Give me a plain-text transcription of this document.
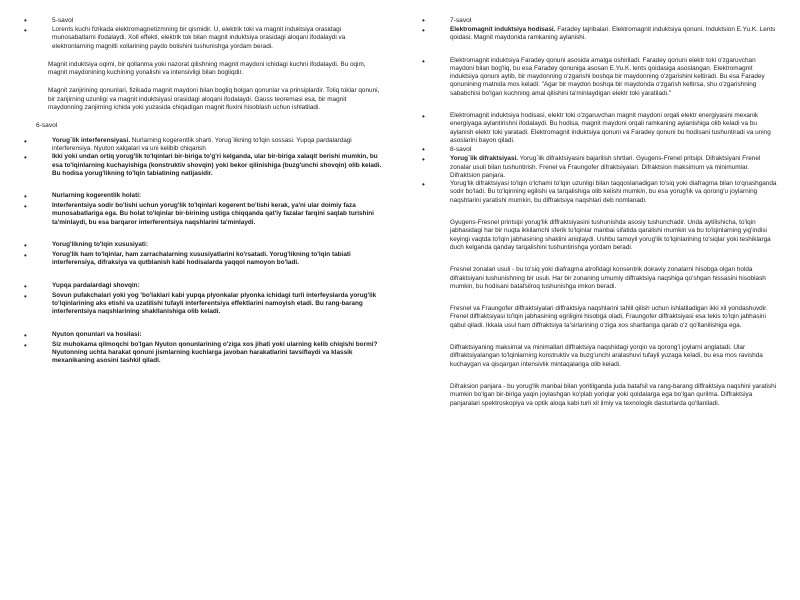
•	5-savol
•	Lorents kuchi fizikada elektromagnetizmning bir qismidir. U, elektrik toki va magnit induktsiya orasidagi munosabatlarni ifodalaydi. Xoll effekti, elektrik tok bilan magnit induktsiya orasidagi aloqani ifodalaydi va elektronlarning magnitli xollarining paydo bolishini tushunishga yordam beradi.

Magnit induktsiya oqimi, bir qollanma yoki nazorat qilishning magnit maydoni ichidagi kuchni ifodalaydi. Bu oqim, magnit maydonining kuchining yonalishi va intensivligi bilan bogliqdir.

Magnit zanjirining qonunlari, fizikada magnit maydoni bilan bogliq bolgan qonunlar va prinsiplardir. Toliq toklar qonuni, bir zanjirning uzunligi va magnit induktsiyasi orasidagi aloqani ifodalaydi. Gauss teoremasi esa, bir magnit maydonning zanjirning ichida yoki yuzasida chiqadigan magnit fluxini hisoblash uchun ishlatiladi.

6-savol

•	Yorug`lik interferensiyasi. Nurlarning kogerentlik sharti. Yorug`likning to'lqin sossasi. Yupqa pardalardagi interferensiya. Nyuton xalqalari va uni kelibib chiqarish
•	Ikki yoki undan ortiq yorug'lik to'lqinlari bir-biriga to'g'ri kelganda, ular bir-biriga xalaqit berishi mumkin, bu esa to'lqinlarning kuchayishiga (konstruktiv shovqin) yoki bekor qilinishiga (buzg'unchi shovqin) olib keladi. Bu hodisa yorug'likning to'lqin tabiatining natijasidir.
•	Nurlarning kogerentlik holati:
•	Interferentsiya sodir bo'lishi uchun yorug'lik to'lqinlari kogerent bo'lishi kerak, ya'ni ular doimiy faza munosabatlariga ega. Bu holat to'lqinlar bir-birining ustiga chiqqanda qat'iy fazalar farqini saqlab turishini ta'minlaydi, bu esa barqaror interferentsiya naqshlarini ta'minlaydi.
•	Yorug'likning to'lqin xususiyati:
•	Yorug'lik ham to'lqinlar, ham zarrachalarning xususiyatlarini ko'rsatadi. Yorug'likning to'lqin tabiati interferensiya, difraksiya va qutblanish kabi hodisalarda yaqqol namoyon bo'ladi.
•	Yupqa pardalardagi shovqin:
•	Sovun pufakchalari yoki yog 'bo'laklari kabi yupqa plyonkalar plyonka ichidagi turli interfeyslarda yorug'lik to'lqinlarining aks etishi va uzatilishi tufayli interferentsiya effektlarini namoyish etadi. Bu rang-barang interferentsiya naqshlarining shakllanishiga olib keladi.
•	Nyuton qonunlari va hosilasi:
•	Siz muhokama qilmoqchi bo'lgan Nyuton qonunlarining o'ziga xos jihati yoki ularning kelib chiqishi bormi? Nyutonning uchta harakat qonuni jismlarning kuchlarga javoban harakatlarini tavsiflaydi va klassik mexanikaning asosini tashkil qiladi.
•	7-savol
•	Elektromagnit induktsiya hodisasi. Faradey tajribalari. Elektromagnit induktsiya qonuni. Induktsion E.Yu.K. Lents qoidasi. Magnit maydonida ramkaning aylanishi.
•	Elektromagnit induktsiya Faradey qonuni asosida amalga oshiriladi. Faradey qonuni elektr toki o'zgaruvchan maydoni bilan bog'liq, bu esa Faradey qonuniga asosan E.Yu.K. lents qoidasiga asoslangan. Elektromagnit induktsiya qonuni aytib, bir maydonning o'zgarishi boshqa bir maydonning o'zgarishini keltiradi. Bu esa Faradey qonunining matnida mos keladi: "Agar bir maydon boshqa bir maydonda o'zgarish keltirsa, shu o'zgarishning sababchisi bo'lgan kuchning amal qilishini ta'minlaydigan elektr toki yaratiladi."
•	Elektromagnit induktsiya hodisasi, elektr toki o'zgaruvchan magnit maydoni orqali elektr energiyasini mexanik energiyaga aylantirishni ifodalaydi. Bu hodisa, magnit maydoni orqali ramkaning aylanishiga olib keladi va bu aylanish elektr toki yaratadi. Elektromagnit induktsiya qonuni va Faradey qonuni bu hodisani tushuntiradi va uning asoslarini bayon qiladi.
•	8-savol
•	Yorug`lik difraktsiyasi. Yorug`lik difraktsiyasini bajarilish shrtlari. Gyugens-Frenel pritsipi. Difraktsiyani Frenel zonalar usuli bilan tushuntirish. Frenel va Fraungofer difraktsiyalari. Difraktsion maksimum va minimumlar. Difraktsion panjara.
•	Yorug'lik difraktsiyasi to'lqin o'lchami to'lqin uzunligi bilan taqqoslanadigan to'siq yoki diafragma bilan to'qnashganda sodir bo'ladi. Bu to'lqinning egilishi va tarqalishiga olib kelishi mumkin, bu esa yorug'lik va qorong'u joylarning naqshlarini yaratishi mumkin, bu diffraktsiya naqshlari deb nomlanadi.

Gyugens-Fresnel printsipi yorug'lik diffraktsiyasini tushunishda asosiy tushunchadir. Unda aytilishicha, to'lqin jabhasidagi har bir nuqta ikkilamchi sferik to'lqinlar manbai sifatida qaralishi mumkin va bu to'lqinlarning yig'indisi keyingi vaqtda to'lqin jabhasining shaklini aniqlaydi. Ushbu tamoyil yorug'lik to'lqinlarining to'siqlar yoki teshiklarga duch kelganda qanday tarqalishini tushuntirishga yordam beradi.

Fresnel zonalari usuli - bu to'siq yoki diafragma atrofidagi konsentrik doiraviy zonalarni hisobga olgan holda difraktsiyani tushunishning bir usuli. Har bir zonaning umumiy diffraktsiya naqshiga qo'shgan hissasini hisoblash mumkin, bu hodisani batafsilroq tushunishga imkon beradi.

Fresnel va Fraungofer diffraktsiyalari diffraktsiya naqshlarini tahlil qilish uchun ishlatiladigan ikki xil yondashuvdir. Frenel diffraktsiyasi to'lqin jabhasining egriligini hisobga oladi, Fraungofer diffraktsiyasi esa tekis to'lqin jabhasini qabul qiladi. Ikkala usul ham diffraktsiya ta'sirlarining o'ziga xos shartlariga qarab o'z qo'llanilishiga ega.

Diffraktsiyaning maksimal va minimallari diffraktsiya naqshidagi yorqin va qorong'i joylarni anglatadi. Ular diffraktsiyalangan to'lqinlarning konstruktiv va buzg'unchi aralashuvi tufayli yuzaga keladi, bu esa mos ravishda kuchaygan va qisqargan intensivlik mintaqalariga olib keladi.

Difraksion panjara - bu yorug'lik manbai bilan yoritilganda juda batafsil va rang-barang diffraktsiya naqshini yaratishi mumkin bo'lgan bir-biriga yaqin joylashgan ko'plab yoriqlar yoki qoldalarga ega bo'lgan qurilma. Diffraktsiya panjaralari spektroskopiya va optik aloqa kabi turli xil ilmiy va texnologik dasturlarda qo'llaniladi.
